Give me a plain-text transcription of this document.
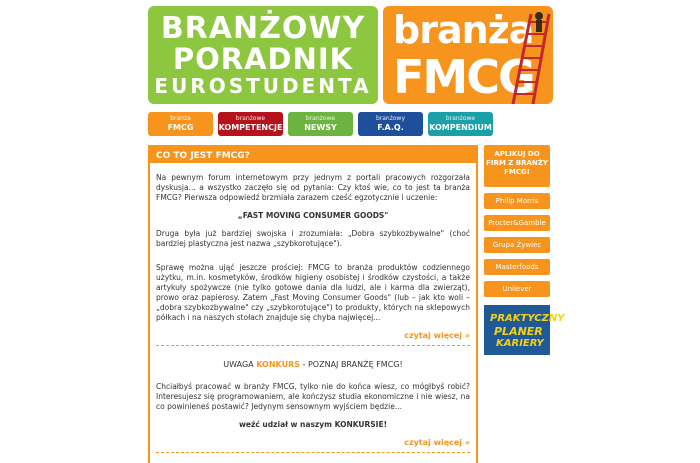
BRANŻOWY
PORADNIK
EUROSTUDENTA
branża
FMCG
branża
FMCG
branżowe
KOMPETENCJE
branżowe
NEWSY
branżowy
F.A.Q.
branżowe
KOMPENDIUM
CO TO JEST FMCG?

Na pewnym forum internetowym przy jednym z portali pracowych rozgorzała dyskusja... a wszystko zaczęło się od pytania: Czy ktoś wie, co to jest ta branża FMCG? Pierwsza odpowiedź brzmiała zarazem cześć egzotycznie i uczenie:

„FAST MOVING CONSUMER GOODS"

Druga była już bardziej swojska i zrozumiała: „Dobra szybkozbywalne" (choć bardziej plastyczna jest nazwa „szybkorotujące").

Sprawę można ująć jeszcze prościej: FMCG to branża produktów codziennego użytku, m.in. kosmetyków, środków higieny osobistej i środków czystości, a także artykuły spożywcze (nie tylko gotowe dania dla ludzi, ale i karma dla zwierząt), prowo oraz papierosy. Zatem „Fast Moving Consumer Goods" (lub – jak kto woli – „dobra szybkozbywalne" czy „szybkorotujące") to produkty, których na sklepowych półkach i na naszych stołach znajduje się chyba najwięcej...

czytaj więcej »
UWAGA KONKURS - POZNAJ BRANŻĘ FMCG!

Chciałbyś pracować w branży FMCG, tylko nie do końca wiesz, co mógłbyś robić? Interesujesz się programowaniem, ale kończysz studia ekonomiczne i nie wiesz, na co powinieneś postawić? Jedynym sensownym wyjściem będzie...

weźć udział w naszym KONKURSIE!

czytaj więcej »
APLIKUJ DO FIRM Z BRANŻY FMCG!
Philip Morris
Procter&Gamble
Grupa Żywiec
Masterfoods
Unilever
PRAKTYCZNY
PLANER
KARIERY
